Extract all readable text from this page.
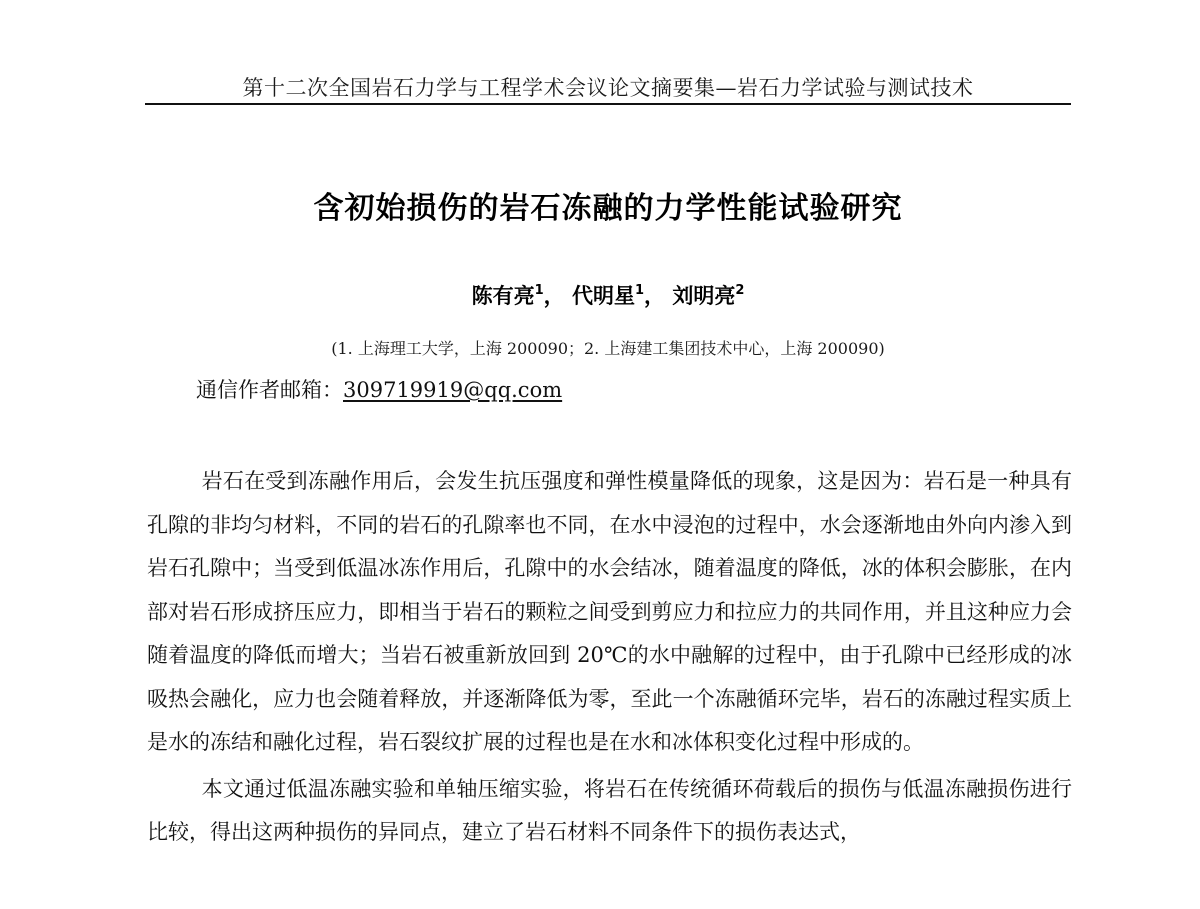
第十二次全国岩石力学与工程学术会议论文摘要集—岩石力学试验与测试技术
含初始损伤的岩石冻融的力学性能试验研究
陈有亮$^1$， 代明星$^1$， 刘明亮$^2$
(1. 上海理工大学，上海 200090；2. 上海建工集团技术中心，上海 200090)
通信作者邮箱：309719919@qq.com

岩石在受到冻融作用后，会发生抗压强度和弹性模量降低的现象，这是因为：岩石是一种具有孔隙的非均匀材料，不同的岩石的孔隙率也不同，在水中浸泡的过程中，水会逐渐地由外向内渗入到岩石孔隙中；当受到低温冰冻作用后，孔隙中的水会结冰，随着温度的降低，冰的体积会膨胀，在内部对岩石形成挤压应力，即相当于岩石的颗粒之间受到剪应力和拉应力的共同作用，并且这种应力会随着温度的降低而增大；当岩石被重新放回到 20℃的水中融解的过程中，由于孔隙中已经形成的冰吸热会融化，应力也会随着释放，并逐渐降低为零，至此一个冻融循环完毕，岩石的冻融过程实质上是水的冻结和融化过程，岩石裂纹扩展的过程也是在水和冰体积变化过程中形成的。

本文通过低温冻融实验和单轴压缩实验，将岩石在传统循环荷载后的损伤与低温冻融损伤进行比较，得出这两种损伤的异同点，建立了岩石材料不同条件下的损伤表达式，
